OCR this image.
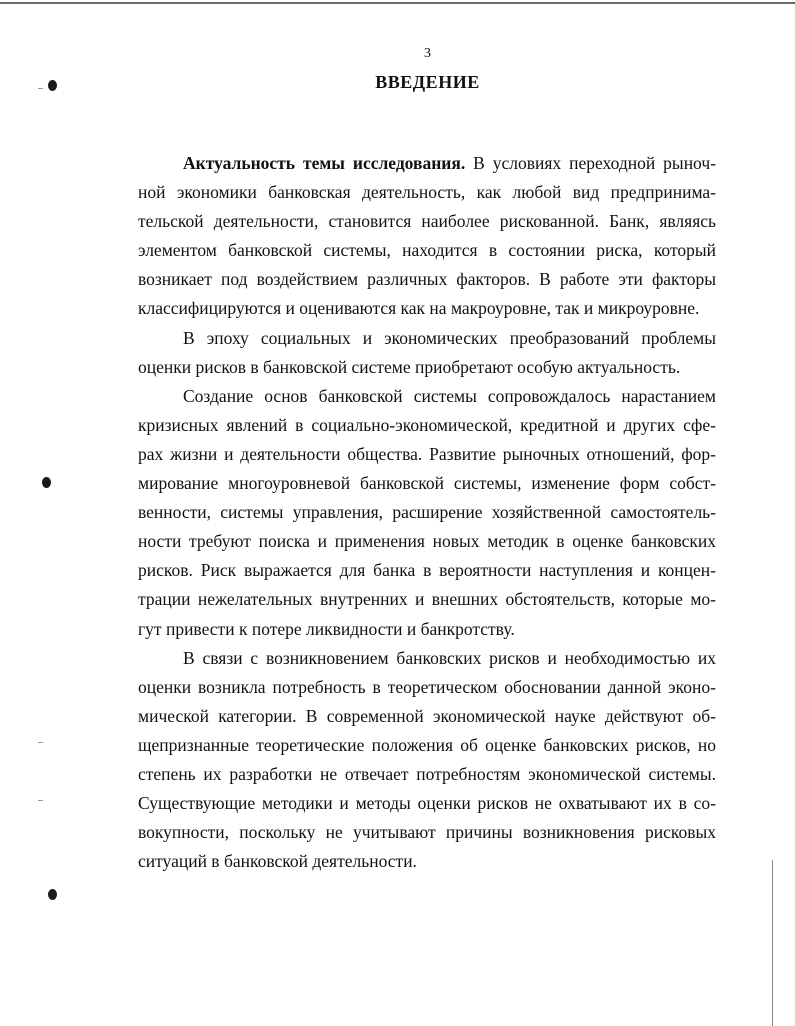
3
ВВЕДЕНИЕ
Актуальность темы исследования. В условиях переходной рыноч-
ной экономики банковская деятельность, как любой вид предпринима-
тельской деятельности, становится наиболее рискованной. Банк, являясь
элементом банковской системы, находится в состоянии риска, который
возникает под воздействием различных факторов. В работе эти факторы
классифицируются и оцениваются как на макроуровне, так и микроуровне.
В эпоху социальных и экономических преобразований проблемы
оценки рисков в банковской системе приобретают особую актуальность.
Создание основ банковской системы сопровождалось нарастанием
кризисных явлений в социально-экономической, кредитной и других сфе-
рах жизни и деятельности общества. Развитие рыночных отношений, фор-
мирование многоуровневой банковской системы, изменение форм собст-
венности, системы управления, расширение хозяйственной самостоятель-
ности требуют поиска и применения новых методик в оценке банковских
рисков. Риск выражается для банка в вероятности наступления и концен-
трации нежелательных внутренних и внешних обстоятельств, которые мо-
гут привести к потере ликвидности и банкротству.
В связи с возникновением банковских рисков и необходимостью их
оценки возникла потребность в теоретическом обосновании данной эконо-
мической категории. В современной экономической науке действуют об-
щепризнанные теоретические положения об оценке банковских рисков, но
степень их разработки не отвечает потребностям экономической системы.
Существующие методики и методы оценки рисков не охватывают их в со-
вокупности, поскольку не учитывают причины возникновения рисковых
ситуаций в банковской деятельности.
